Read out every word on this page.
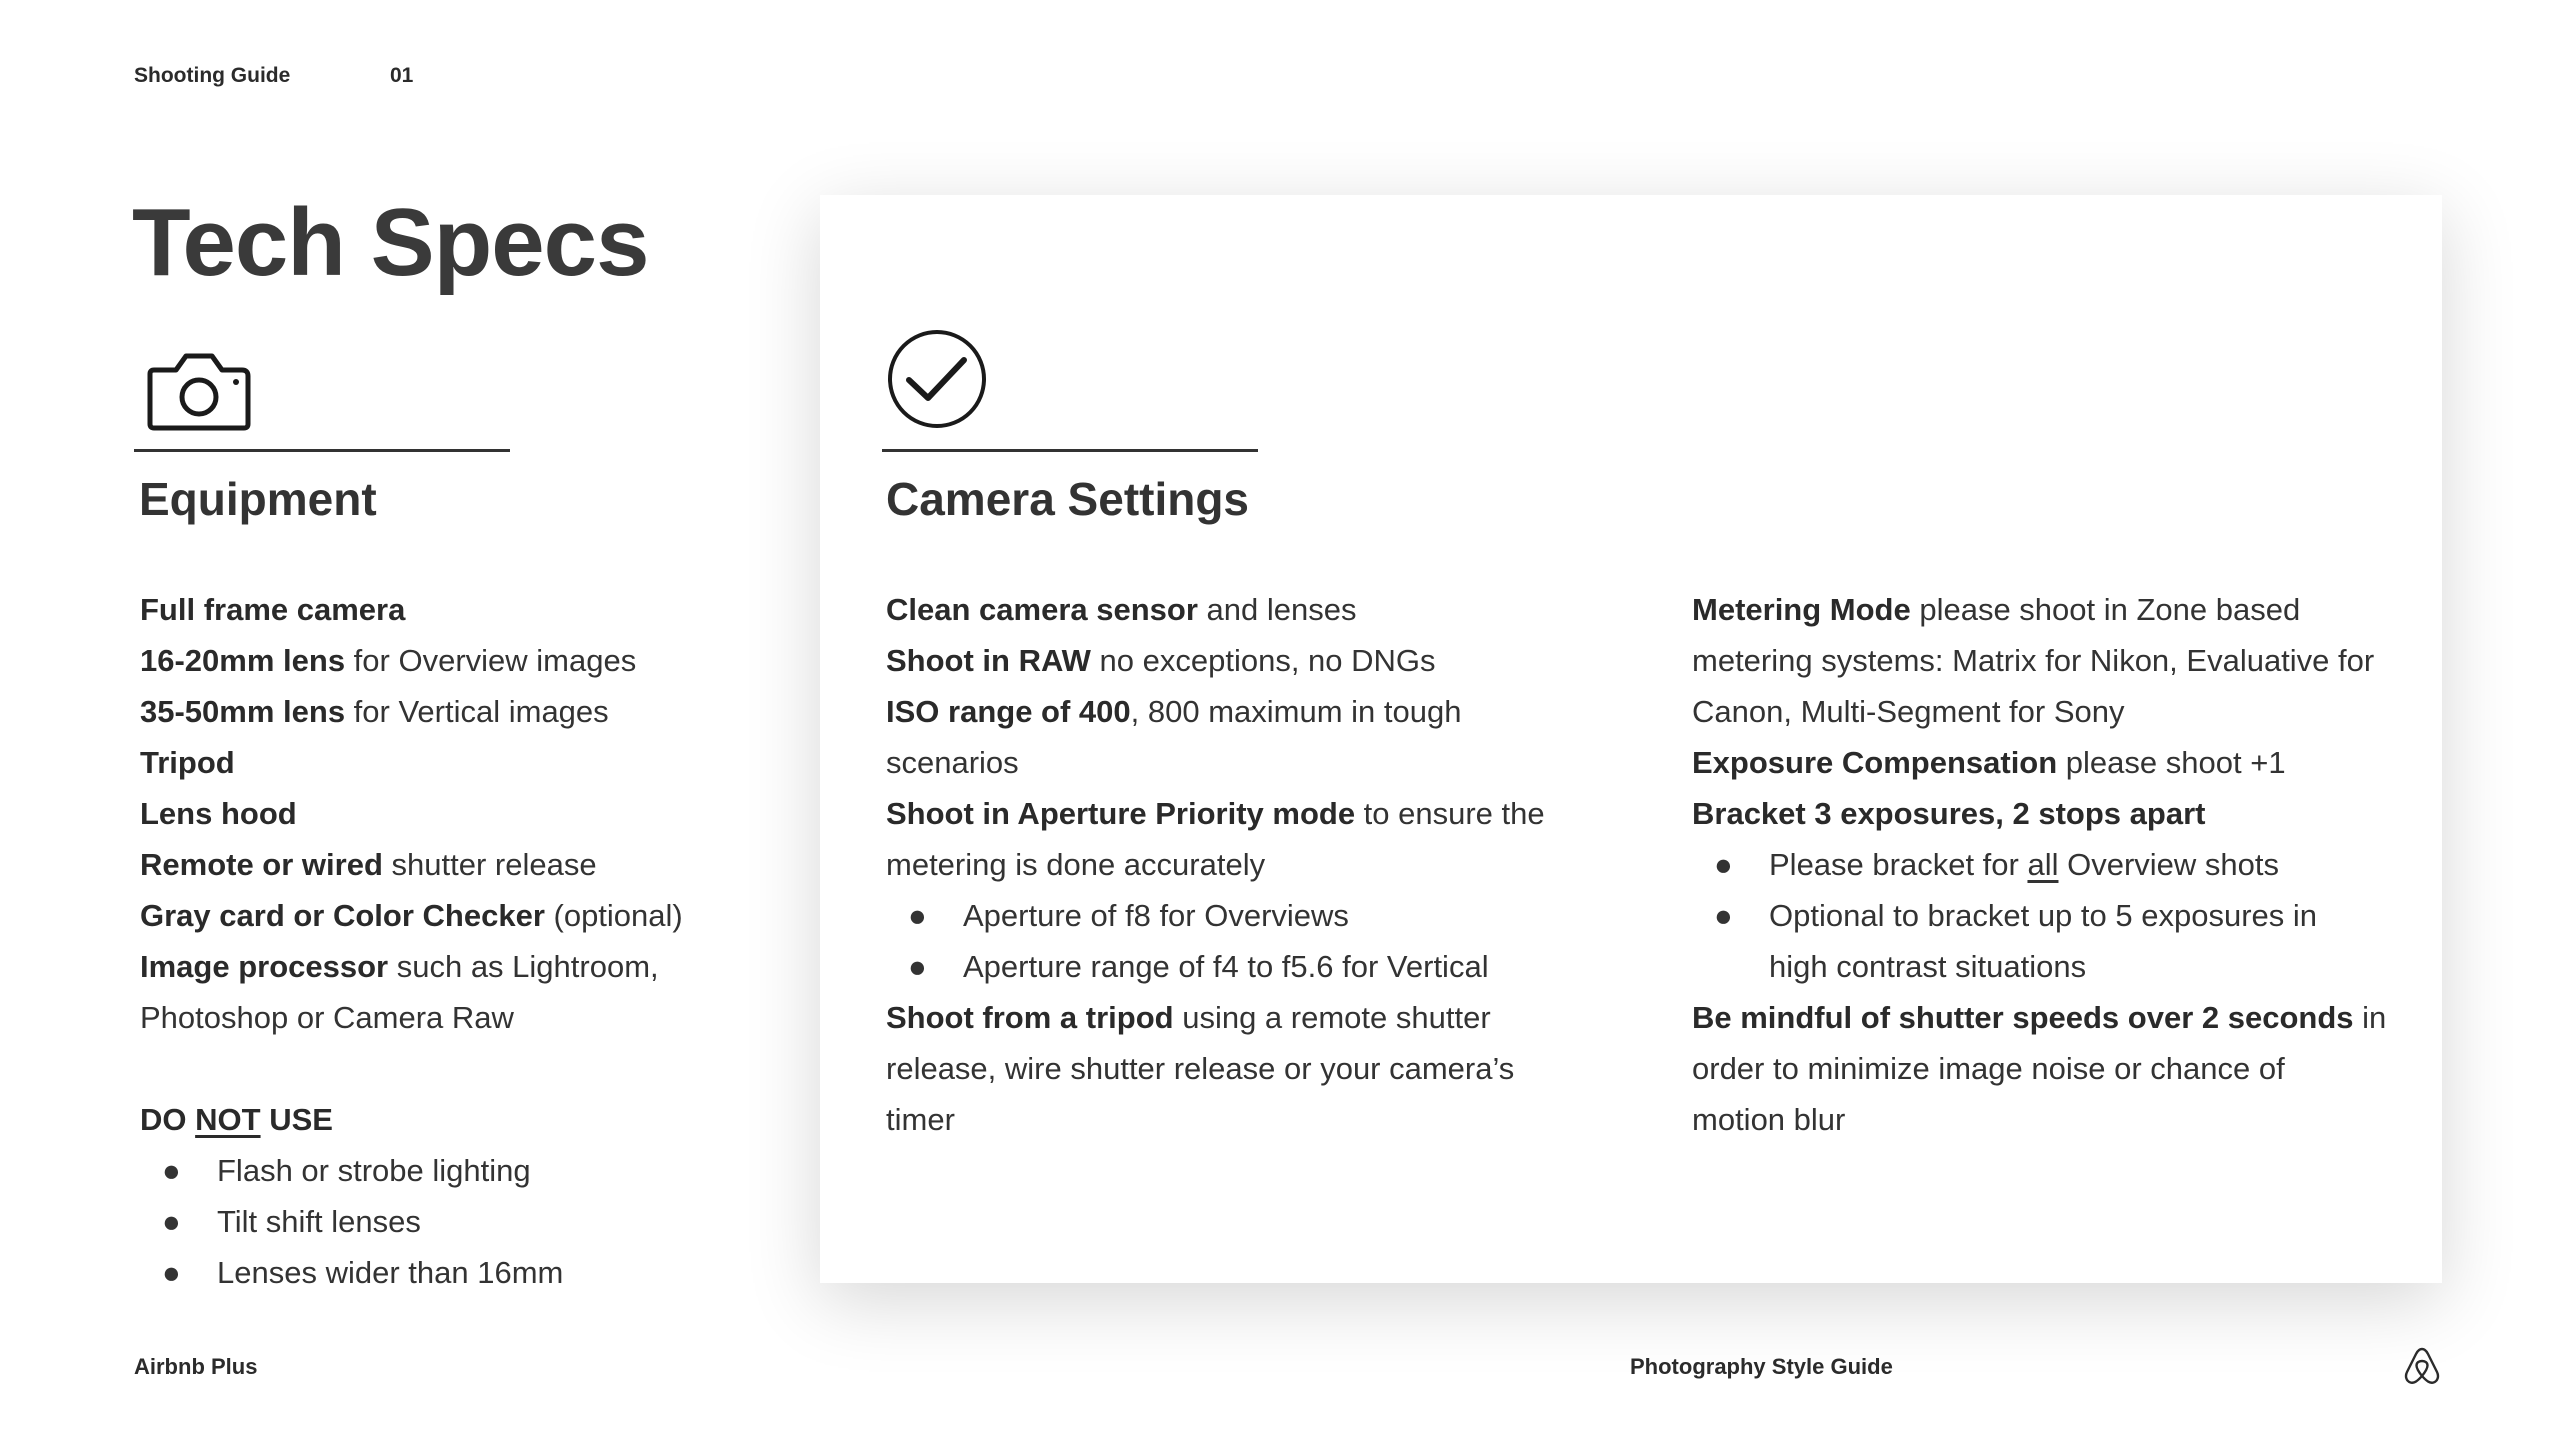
Shooting Guide	01
Tech Specs
Equipment
Full frame camera
16-20mm lens for Overview images
35-50mm lens for Vertical images
Tripod
Lens hood
Remote or wired shutter release
Gray card or Color Checker (optional)
Image processor such as Lightroom,
Photoshop or Camera Raw
DO NOT USE
● Flash or strobe lighting
● Tilt shift lenses
● Lenses wider than 16mm
Camera Settings
Clean camera sensor and lenses
Shoot in RAW no exceptions, no DNGs
ISO range of 400, 800 maximum in tough
scenarios
Shoot in Aperture Priority mode to ensure the
metering is done accurately
● Aperture of f8 for Overviews
● Aperture range of f4 to f5.6 for Vertical
Shoot from a tripod using a remote shutter
release, wire shutter release or your camera’s
timer
Metering Mode please shoot in Zone based
metering systems: Matrix for Nikon, Evaluative for
Canon, Multi-Segment for Sony
Exposure Compensation please shoot +1
Bracket 3 exposures, 2 stops apart
● Please bracket for all Overview shots
● Optional to bracket up to 5 exposures in
high contrast situations
Be mindful of shutter speeds over 2 seconds in
order to minimize image noise or chance of
motion blur
Airbnb Plus	Photography Style Guide
